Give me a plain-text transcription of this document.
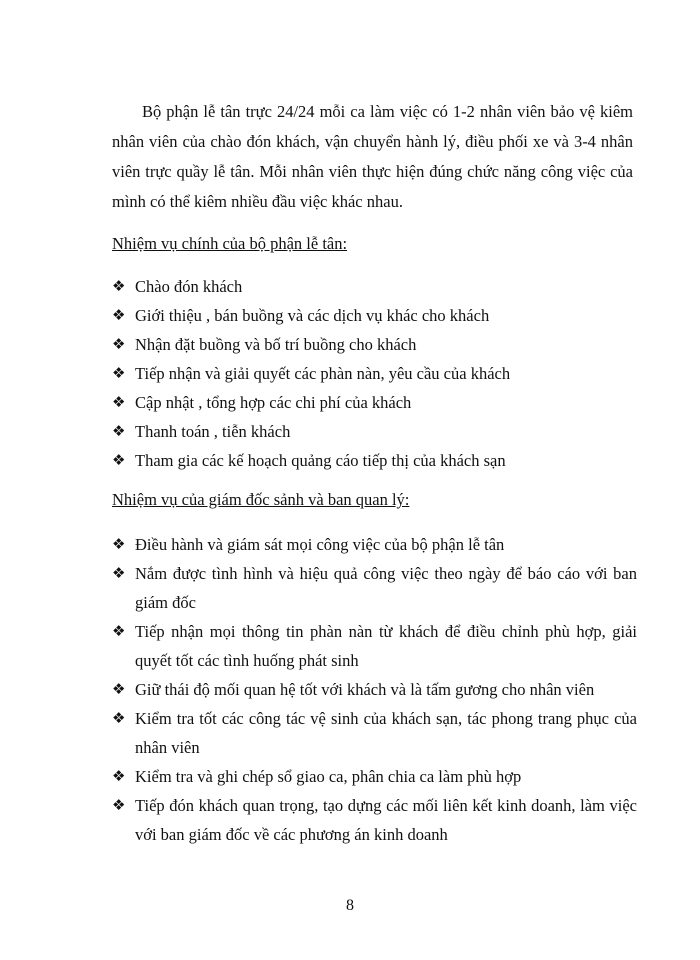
Bộ phận lễ tân trực 24/24 mỗi ca làm việc có 1-2 nhân viên bảo vệ kiêm nhân viên của chào đón khách, vận chuyển hành lý, điều phối xe và 3-4 nhân viên trực quầy lễ tân. Mỗi nhân viên thực hiện đúng chức năng công việc của mình có thể kiêm nhiều đầu việc khác nhau.

Nhiệm vụ chính của bộ phận lễ tân:

❖ Chào đón khách
❖ Giới thiệu , bán buồng và các dịch vụ khác cho khách
❖ Nhận đặt buồng và bố trí buồng cho khách
❖ Tiếp nhận và giải quyết các phàn nàn, yêu cầu của khách
❖ Cập nhật , tổng hợp các chi phí của khách
❖ Thanh toán , tiễn khách
❖ Tham gia các kế hoạch quảng cáo tiếp thị của khách sạn

Nhiệm vụ của giám đốc sảnh và ban quan lý:

❖ Điều hành và giám sát mọi công việc của bộ phận lễ tân
❖ Nắm được tình hình và hiệu quả công việc theo ngày để báo cáo với ban giám đốc
❖ Tiếp nhận mọi thông tin phàn nàn từ khách để điều chỉnh phù hợp, giải quyết tốt các tình huống phát sinh
❖ Giữ thái độ mối quan hệ tốt với khách và là tấm gương cho nhân viên
❖ Kiểm tra tốt các công tác vệ sinh của khách sạn, tác phong trang phục của nhân viên
❖ Kiểm tra và ghi chép sổ giao ca, phân chia ca làm phù hợp
❖ Tiếp đón khách quan trọng, tạo dựng các mối liên kết kinh doanh, làm việc với ban giám đốc về các phương án kinh doanh
8
